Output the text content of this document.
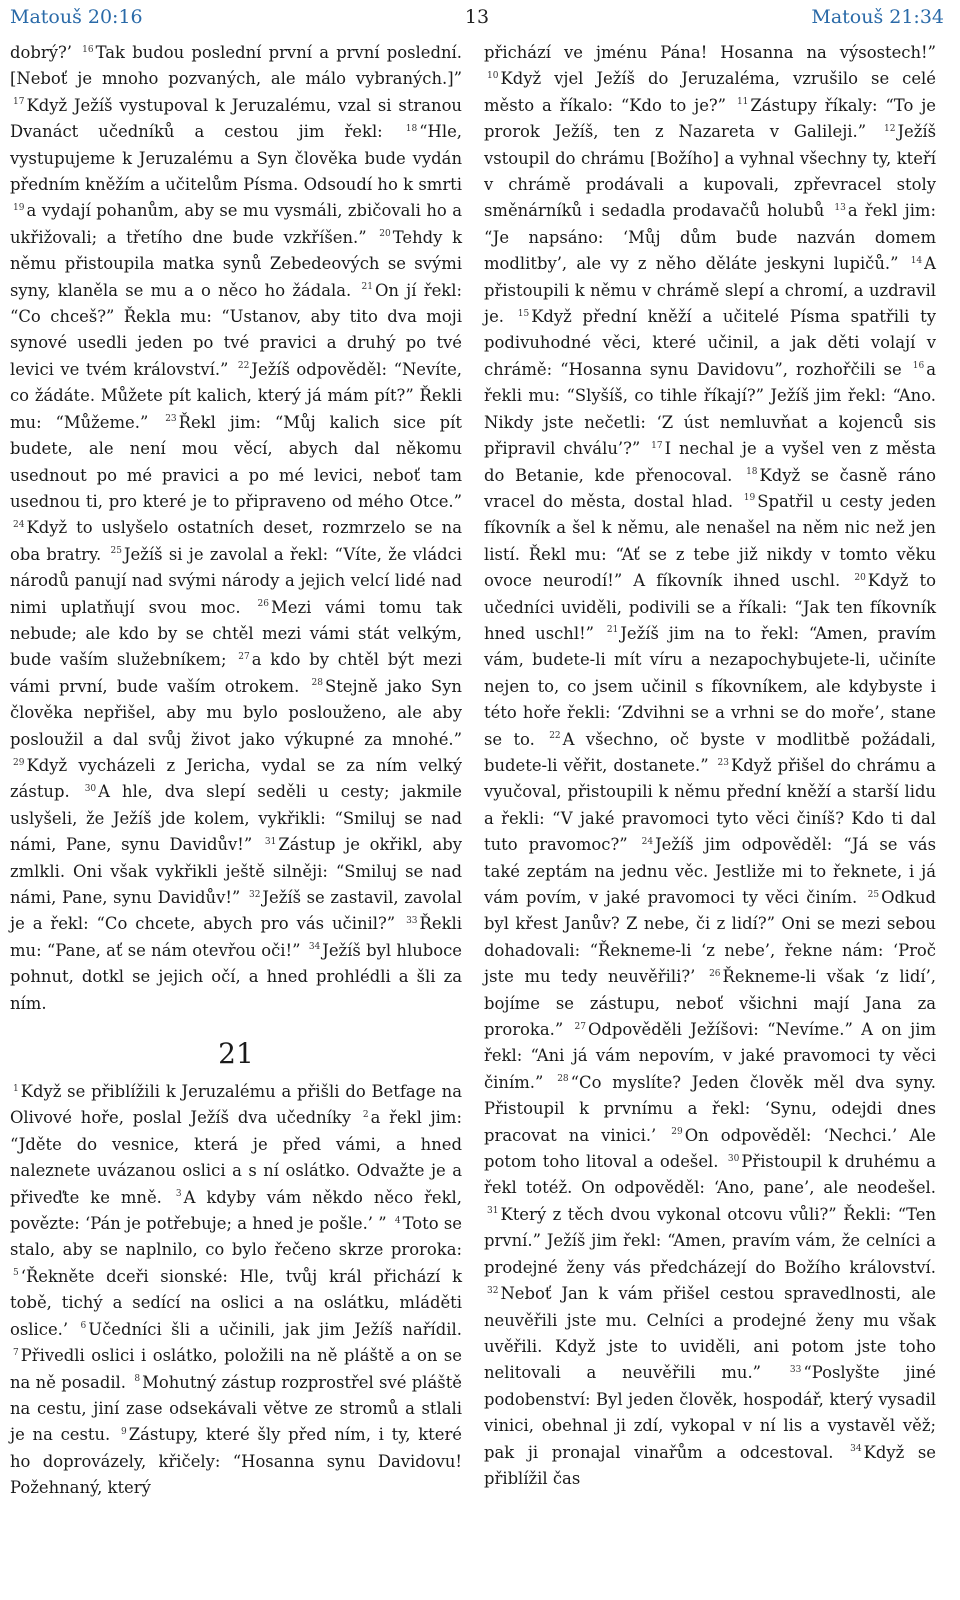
Matouš 20:16	13	Matouš 21:34

dobrý?’ $^{16}$ Tak budou poslední první a první poslední. [Neboť je mnoho pozvaných, ale málo vybraných.]” $^{17}$ Když Ježíš vystupoval k Jeruzalému, vzal si stranou Dvanáct učedníků a cestou jim řekl: $^{18}$ “Hle, vystupujeme k Jeruzalému a Syn člověka bude vydán předním kněžím a učitelům Písma. Odsoudí ho k smrti $^{19}$ a vydají pohanům, aby se mu vysmáli, zbičovali ho a ukřižovali; a třetího dne bude vzkříšen.” $^{20}$ Tehdy k němu přistoupila matka synů Zebedeových se svými syny, klaněla se mu a o něco ho žádala. $^{21}$ On jí řekl: “Co chceš?” Řekla mu: “Ustanov, aby tito dva moji synové usedli jeden po tvé pravici a druhý po tvé levici ve tvém království.” $^{22}$ Ježíš odpověděl: “Nevíte, co žádáte. Můžete pít kalich, který já mám pít?” Řekli mu: “Můžeme.” $^{23}$ Řekl jim: “Můj kalich sice pít budete, ale není mou věcí, abych dal někomu usednout po mé pravici a po mé levici, neboť tam usednou ti, pro které je to připraveno od mého Otce.” $^{24}$ Když to uslyšelo ostatních deset, rozmrzelo se na oba bratry. $^{25}$ Ježíš si je zavolal a řekl: “Víte, že vládci národů panují nad svými národy a jejich velcí lidé nad nimi uplatňují svou moc. $^{26}$ Mezi vámi tomu tak nebude; ale kdo by se chtěl mezi vámi stát velkým, bude vaším služebníkem; $^{27}$ a kdo by chtěl být mezi vámi první, bude vaším otrokem. $^{28}$ Stejně jako Syn člověka nepřišel, aby mu bylo poslouženo, ale aby posloužil a dal svůj život jako výkupné za mnohé.” $^{29}$ Když vycházeli z Jericha, vydal se za ním velký zástup. $^{30}$ A hle, dva slepí seděli u cesty; jakmile uslyšeli, že Ježíš jde kolem, vykřikli: “Smiluj se nad námi, Pane, synu Davidův!” $^{31}$ Zástup je okřikl, aby zmlkli. Oni však vykřikli ještě silněji: “Smiluj se nad námi, Pane, synu Davidův!” $^{32}$ Ježíš se zastavil, zavolal je a řekl: “Co chcete, abych pro vás učinil?” $^{33}$ Řekli mu: “Pane, ať se nám otevřou oči!” $^{34}$ Ježíš byl hluboce pohnut, dotkl se jejich očí, a hned prohlédli a šli za ním.

21

$^1$ Když se přiblížili k Jeruzalému a přišli do Betfage na Olivové hoře, poslal Ježíš dva učedníky $^2$ a řekl jim: “Jděte do vesnice, která je před vámi, a hned naleznete uvázanou oslici a s ní oslátko. Odvažte je a přiveďte ke mně. $^3$ A kdyby vám někdo něco řekl, povězte: ‘Pán je potřebuje; a hned je pošle.’ ” $^4$ Toto se stalo, aby se naplnilo, co bylo řečeno skrze proroka: $^5$ ‘Řekněte dceři sionské: Hle, tvůj král přichází k tobě, tichý a sedící na oslici a na oslátku, mláděti oslice.’ $^6$ Učedníci šli a učinili, jak jim Ježíš nařídil. $^7$ Přivedli oslici i oslátko, položili na ně pláště a on se na ně posadil. $^8$ Mohutný zástup rozprostřel své pláště na cestu, jiní zase odsekávali větve ze stromů a stlali je na cestu. $^9$ Zástupy, které šly před ním, i ty, které ho doprovázely, křičely: “Hosanna synu Davidovu! Požehnaný, který

přichází ve jménu Pána! Hosanna na výsostech!” $^{10}$ Když vjel Ježíš do Jeruzaléma, vzrušilo se celé město a říkalo: “Kdo to je?” $^{11}$ Zástupy říkaly: “To je prorok Ježíš, ten z Nazareta v Galileji.” $^{12}$ Ježíš vstoupil do chrámu [Božího] a vyhnal všechny ty, kteří v chrámě prodávali a kupovali, zpřevracel stoly směnárníků i sedadla prodavačů holubů $^{13}$ a řekl jim: “Je napsáno: ‘Můj dům bude nazván domem modlitby’, ale vy z něho děláte jeskyni lupičů.” $^{14}$ A přistoupili k němu v chrámě slepí a chromí, a uzdravil je. $^{15}$ Když přední kněží a učitelé Písma spatřili ty podivuhodné věci, které učinil, a jak děti volají v chrámě: “Hosanna synu Davidovu”, rozhořčili se $^{16}$ a řekli mu: “Slyšíš, co tihle říkají?” Ježíš jim řekl: “Ano. Nikdy jste nečetli: ‘Z úst nemluvňat a kojenců sis připravil chválu’?” $^{17}$ I nechal je a vyšel ven z města do Betanie, kde přenocoval. $^{18}$ Když se časně ráno vracel do města, dostal hlad. $^{19}$ Spatřil u cesty jeden fíkovník a šel k němu, ale nenašel na něm nic než jen listí. Řekl mu: “Ať se z tebe již nikdy v tomto věku ovoce neurodí!” A fíkovník ihned uschl. $^{20}$ Když to učedníci uviděli, podivili se a říkali: “Jak ten fíkovník hned uschl!” $^{21}$ Ježíš jim na to řekl: “Amen, pravím vám, budete-li mít víru a nezapochybujete-li, učiníte nejen to, co jsem učinil s fíkovníkem, ale kdybyste i této hoře řekli: ‘Zdvihni se a vrhni se do moře’, stane se to. $^{22}$ A všechno, oč byste v modlitbě požádali, budete-li věřit, dostanete.” $^{23}$ Když přišel do chrámu a vyučoval, přistoupili k němu přední kněží a starší lidu a řekli: “V jaké pravomoci tyto věci činíš? Kdo ti dal tuto pravomoc?” $^{24}$ Ježíš jim odpověděl: “Já se vás také zeptám na jednu věc. Jestliže mi to řeknete, i já vám povím, v jaké pravomoci ty věci činím. $^{25}$ Odkud byl křest Janův? Z nebe, či z lidí?” Oni se mezi sebou dohadovali: “Řekneme-li ‘z nebe’, řekne nám: ‘Proč jste mu tedy neuvěřili?’ $^{26}$ Řekneme-li však ‘z lidí’, bojíme se zástupu, neboť všichni mají Jana za proroka.” $^{27}$ Odpověděli Ježíšovi: “Nevíme.” A on jim řekl: “Ani já vám nepovím, v jaké pravomoci ty věci činím.” $^{28}$ “Co myslíte? Jeden člověk měl dva syny. Přistoupil k prvnímu a řekl: ‘Synu, odejdi dnes pracovat na vinici.’ $^{29}$ On odpověděl: ‘Nechci.’ Ale potom toho litoval a odešel. $^{30}$ Přistoupil k druhému a řekl totéž. On odpověděl: ‘Ano, pane’, ale neodešel. $^{31}$ Který z těch dvou vykonal otcovu vůli?” Řekli: “Ten první.” Ježíš jim řekl: “Amen, pravím vám, že celníci a prodejné ženy vás předcházejí do Božího království. $^{32}$ Neboť Jan k vám přišel cestou spravedlnosti, ale neuvěřili jste mu. Celníci a prodejné ženy mu však uvěřili. Když jste to uviděli, ani potom jste toho nelitovali a neuvěřili mu.” $^{33}$ “Poslyšte jiné podobenství: Byl jeden člověk, hospodář, který vysadil vinici, obehnal ji zdí, vykopal v ní lis a vystavěl věž; pak ji pronajal vinařům a odcestoval. $^{34}$ Když se přiblížil čas
